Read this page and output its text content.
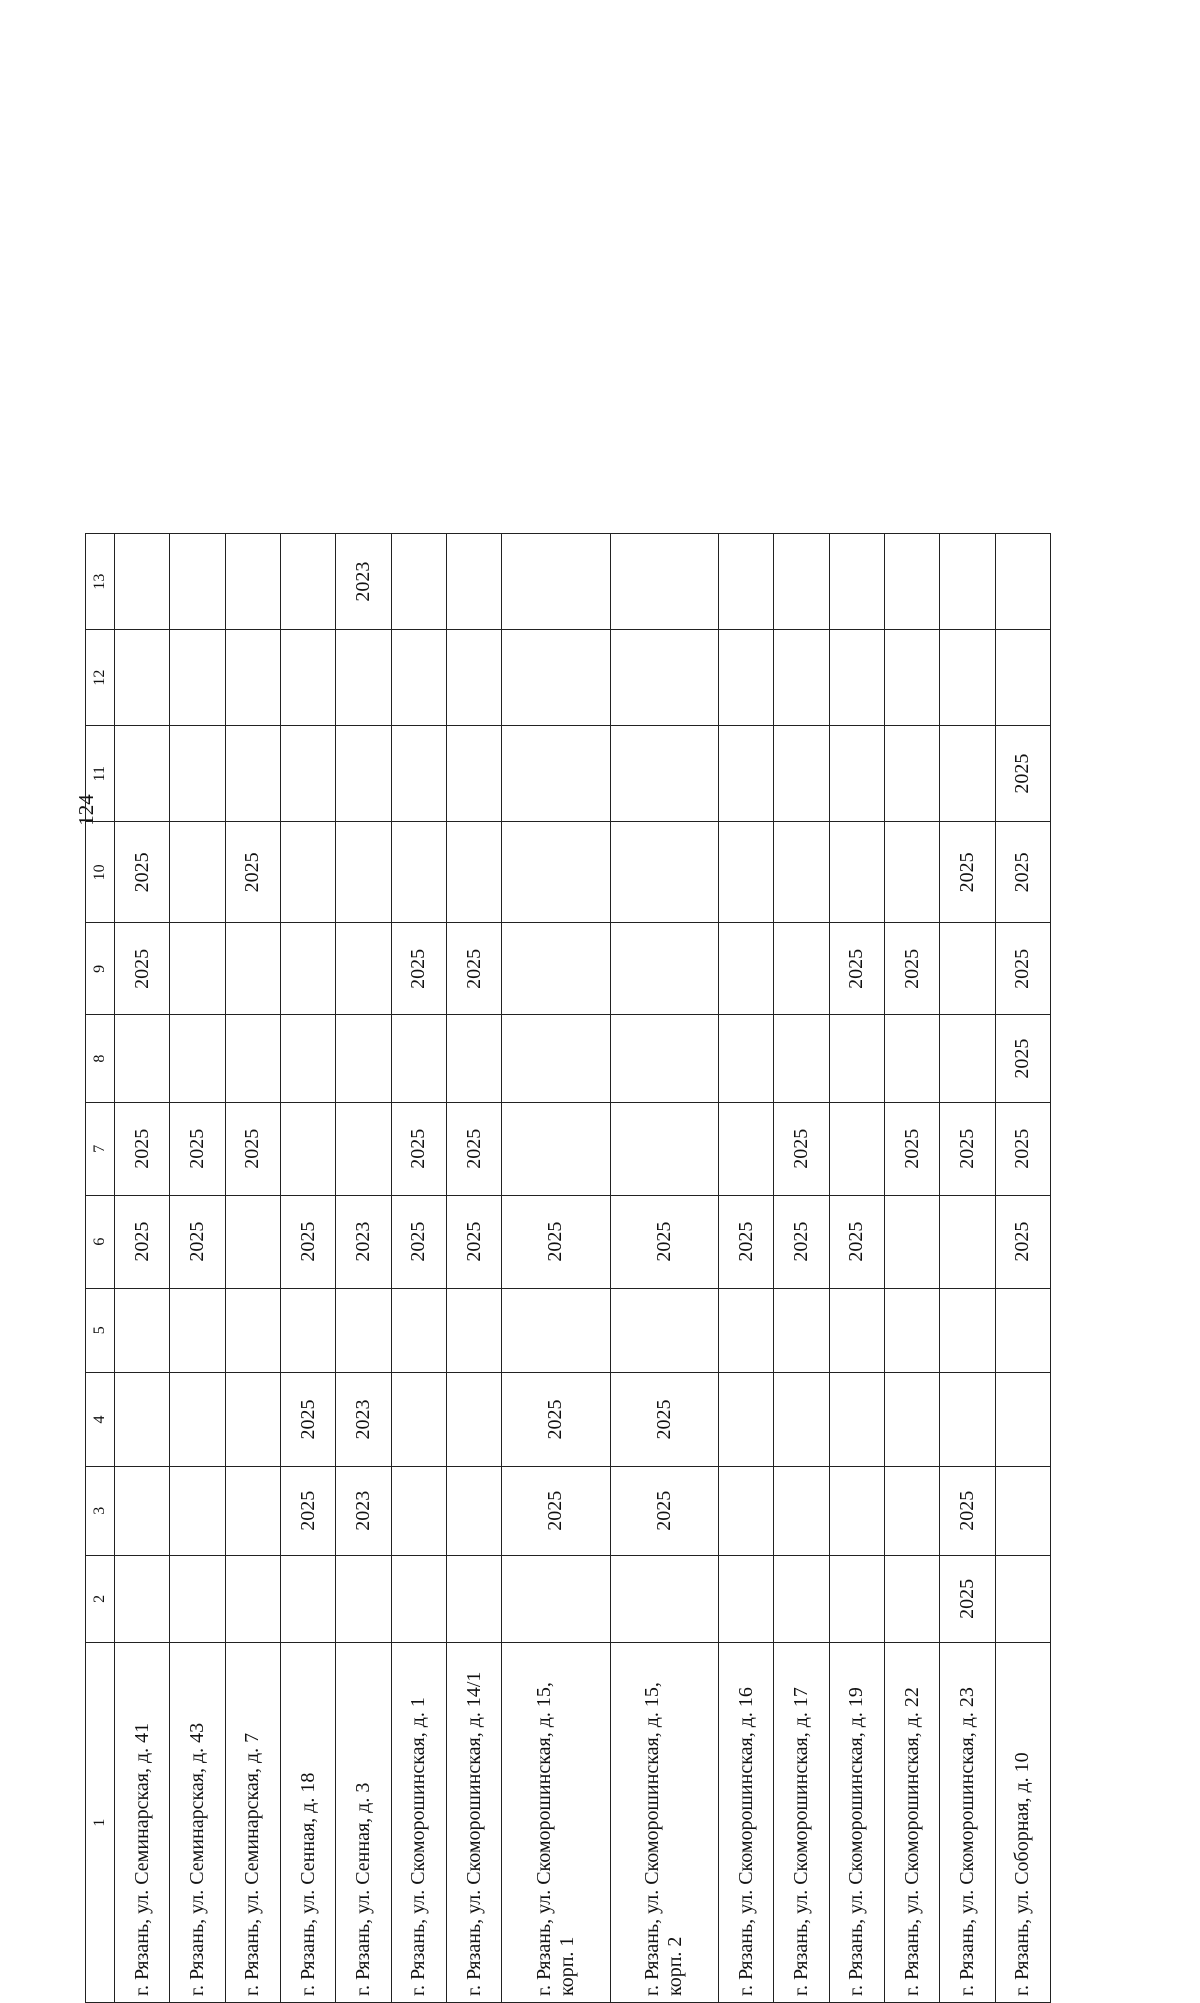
124
1	2	3	4	5	6	7	8	9	10	11	12	13
г. Рязань, ул. Семинарская, д. 41					2025	2025		2025	2025			
г. Рязань, ул. Семинарская, д. 43					2025	2025						
г. Рязань, ул. Семинарская, д. 7						2025			2025			
г. Рязань, ул. Сенная, д. 18		2025	2025		2025							
г. Рязань, ул. Сенная, д. 3		2023	2023		2023							2023
г. Рязань, ул. Скоморошинская, д. 1					2025	2025		2025				
г. Рязань, ул. Скоморошинская, д. 14/1					2025	2025		2025				
г. Рязань, ул. Скоморошинская, д. 15, корп. 1		2025	2025		2025							
г. Рязань, ул. Скоморошинская, д. 15, корп. 2		2025	2025		2025							
г. Рязань, ул. Скоморошинская, д. 16					2025							
г. Рязань, ул. Скоморошинская, д. 17					2025	2025						
г. Рязань, ул. Скоморошинская, д. 19					2025			2025				
г. Рязань, ул. Скоморошинская, д. 22						2025		2025				
г. Рязань, ул. Скоморошинская, д. 23	2025	2025				2025			2025			
г. Рязань, ул. Соборная, д. 10					2025	2025	2025	2025	2025	2025		
